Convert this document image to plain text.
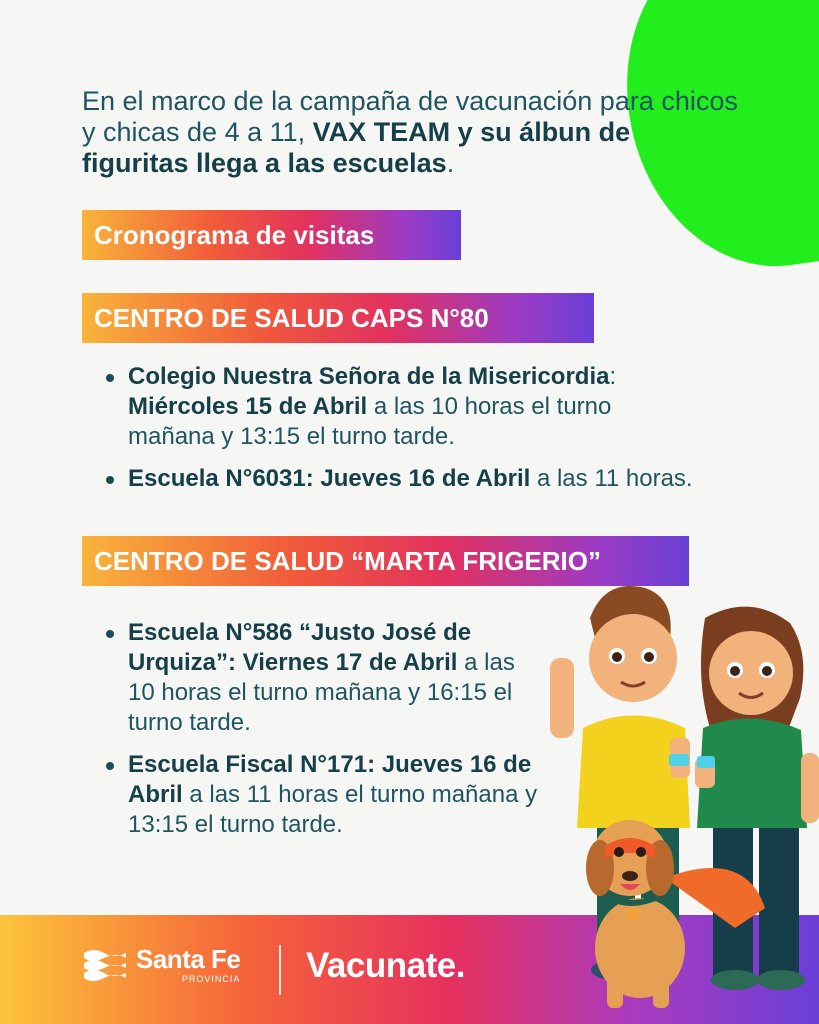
En el marco de la campaña de vacunación para chicos y chicas de 4 a 11, VAX TEAM y su álbun de figuritas llega a las escuelas.

Cronograma de visitas
CENTRO DE SALUD CAPS N°80
Colegio Nuestra Señora de la Misericordia: Miércoles 15 de Abril a las 10 horas el turno mañana y 13:15 el turno tarde.
Escuela N°6031: Jueves 16 de Abril a las 11 horas.
CENTRO DE SALUD “MARTA FRIGERIO”
Escuela N°586 “Justo José de Urquiza”: Viernes 17 de Abril a las 10 horas el turno mañana y 16:15 el turno tarde.
Escuela Fiscal N°171: Jueves 16 de Abril a las 11 horas el turno mañana y 13:15 el turno tarde.
Santa Fe
PROVINCIA Vacunate.
